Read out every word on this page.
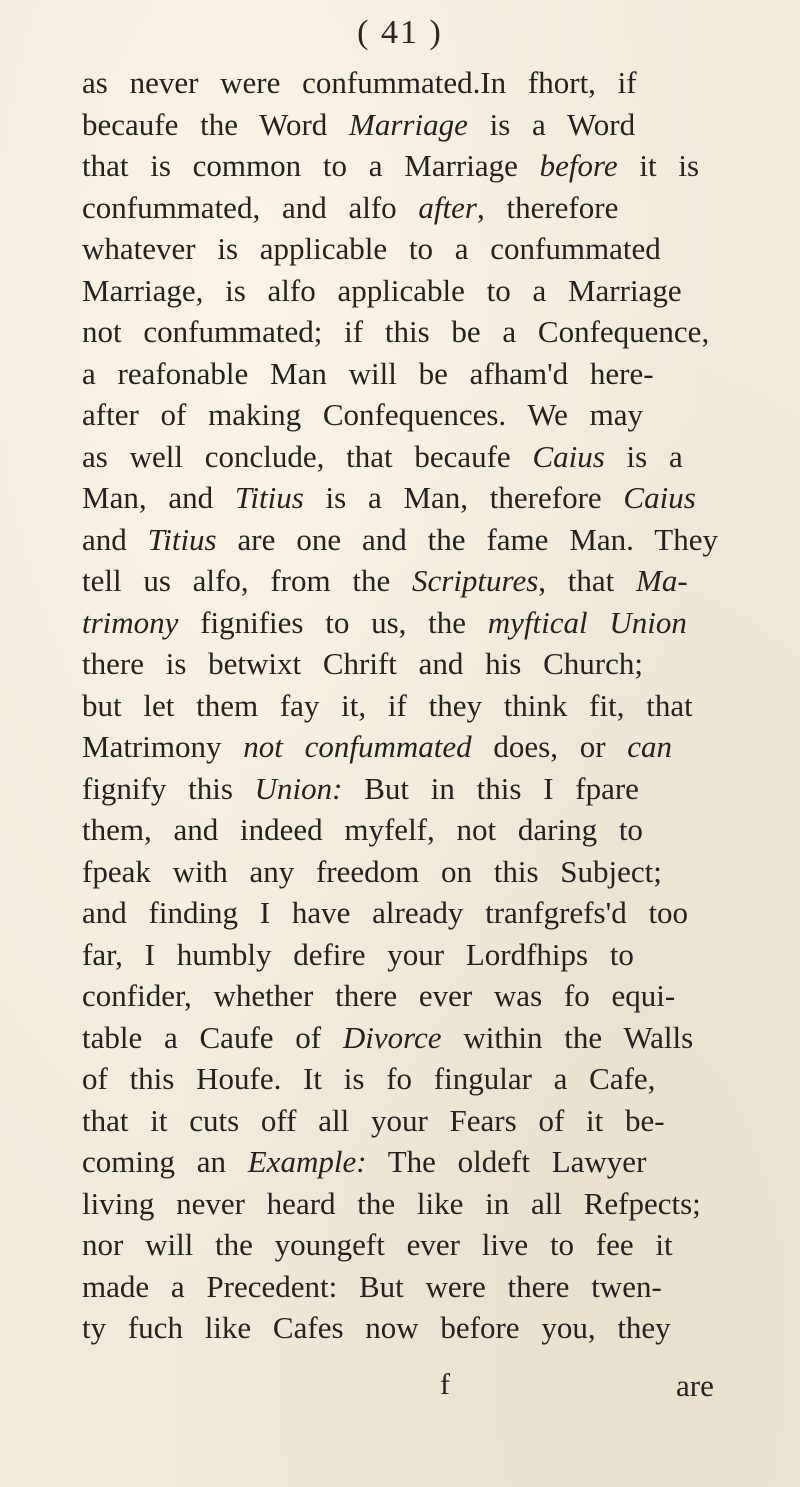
( 41 )
as never were confummated.In fhort, if
becaufe the Word Marriage is a Word
that is common to a Marriage before it is
confummated, and alfo after, therefore
whatever is applicable to a confummated
Marriage, is alfo applicable to a Marriage
not confummated; if this be a Confequence,
a reafonable Man will be afham'd here-
after of making Confequences. We may
as well conclude, that becaufe Caius is a
Man, and Titius is a Man, therefore Caius
and Titius are one and the fame Man. They
tell us alfo, from the Scriptures, that Ma-
trimony fignifies to us, the myftical Union
there is betwixt Chrift and his Church;
but let them fay it, if they think fit, that
Matrimony not confummated does, or can
fignify this Union: But in this I fpare
them, and indeed myfelf, not daring to
fpeak with any freedom on this Subject;
and finding I have already tranfgrefs'd too
far, I humbly defire your Lordfhips to
confider, whether there ever was fo equi-
table a Caufe of Divorce within the Walls
of this Houfe. It is fo fingular a Cafe,
that it cuts off all your Fears of it be-
coming an Example: The oldeft Lawyer
living never heard the like in all Refpects;
nor will the youngeft ever live to fee it
made a Precedent: But were there twen-
ty fuch like Cafes now before you, they
f	are
